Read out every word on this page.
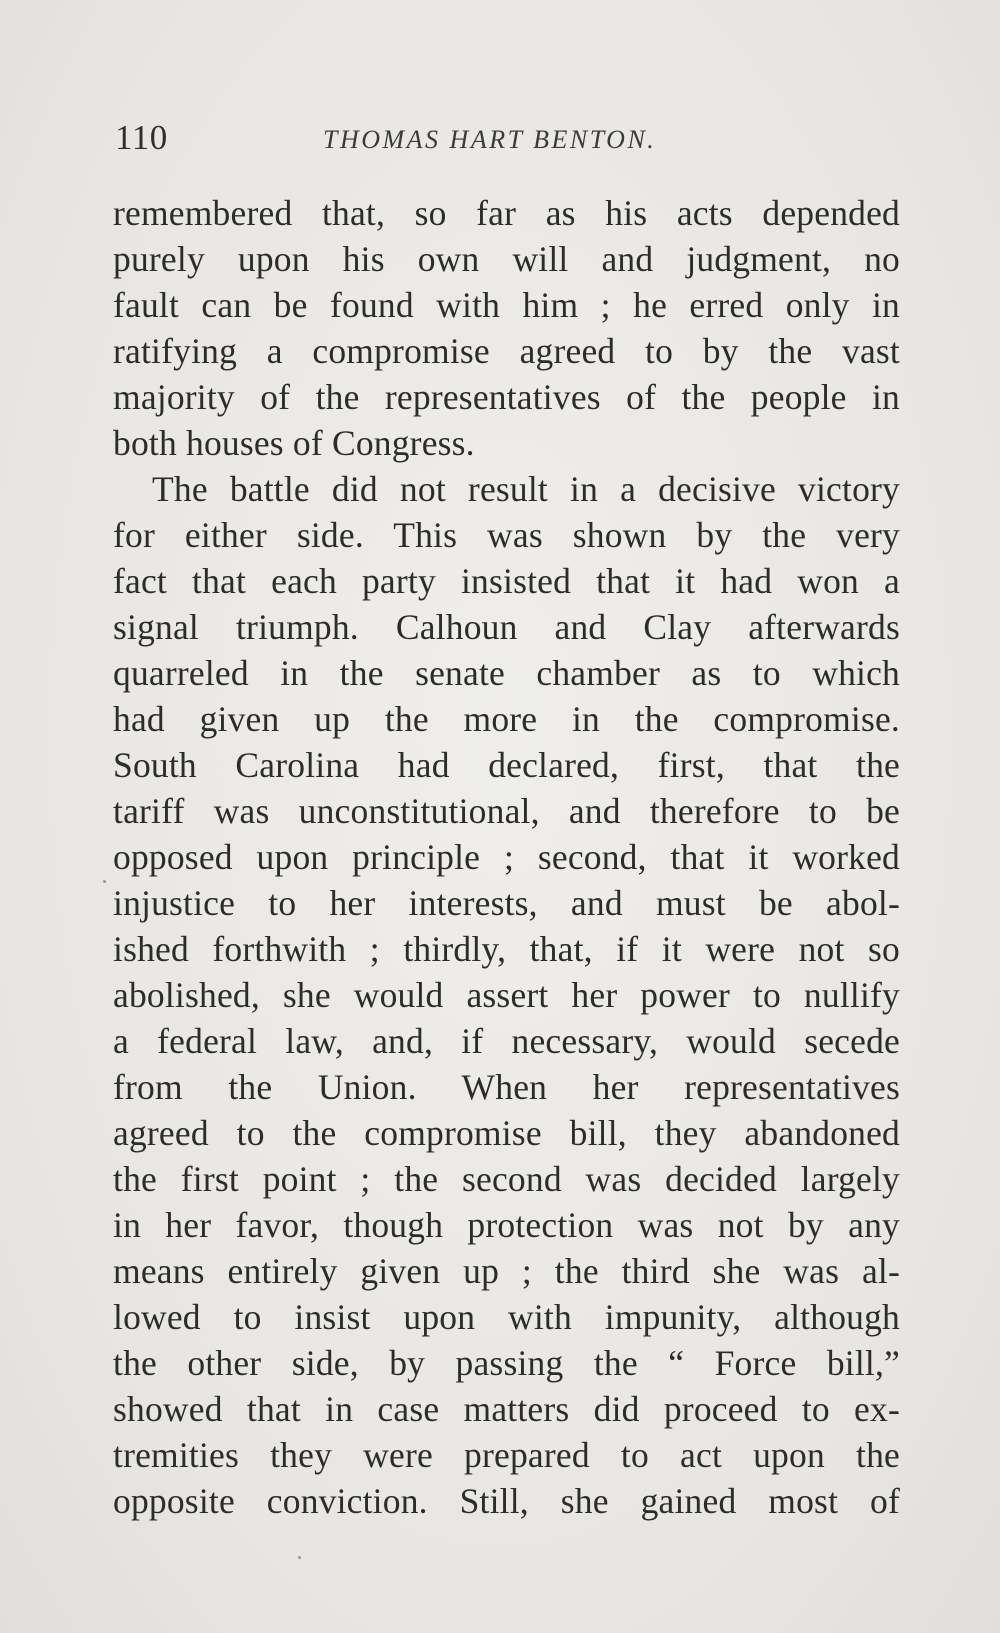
110	THOMAS HART BENTON.
remembered that, so far as his acts depended
purely upon his own will and judgment, no
fault can be found with him ; he erred only in
ratifying a compromise agreed to by the vast
majority of the representatives of the people in
both houses of Congress.
The battle did not result in a decisive victory
for either side. This was shown by the very
fact that each party insisted that it had won a
signal triumph. Calhoun and Clay afterwards
quarreled in the senate chamber as to which
had given up the more in the compromise.
South Carolina had declared, first, that the
tariff was unconstitutional, and therefore to be
opposed upon principle ; second, that it worked
injustice to her interests, and must be abol-
ished forthwith ; thirdly, that, if it were not so
abolished, she would assert her power to nullify
a federal law, and, if necessary, would secede
from the Union. When her representatives
agreed to the compromise bill, they abandoned
the first point ; the second was decided largely
in her favor, though protection was not by any
means entirely given up ; the third she was al-
lowed to insist upon with impunity, although
the other side, by passing the “ Force bill,”
showed that in case matters did proceed to ex-
tremities they were prepared to act upon the
opposite conviction. Still, she gained most of
